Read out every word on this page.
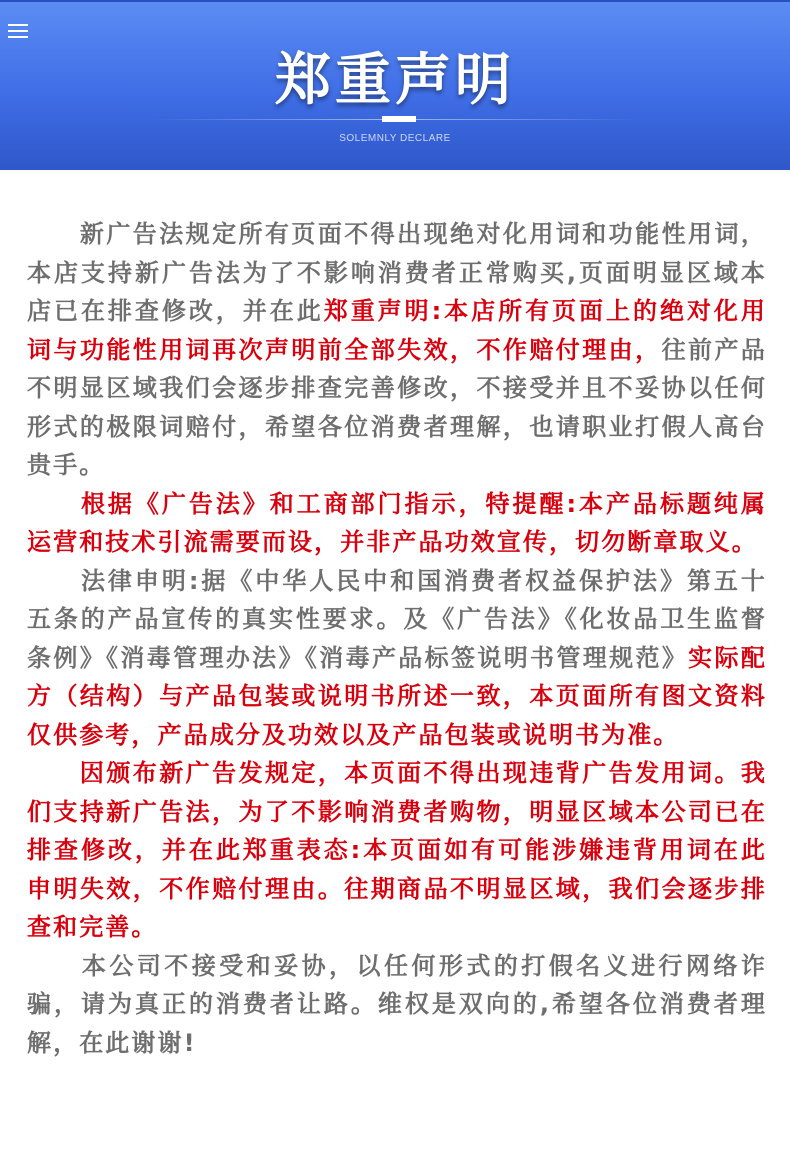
郑重声明
SOLEMNLY DECLARE

　　新广告法规定所有页面不得出现绝对化用词和功能性用词，本店支持新广告法为了不影响消费者正常购买,页面明显区域本店已在排查修改，并在此郑重声明:本店所有页面上的绝对化用词与功能性用词再次声明前全部失效，不作赔付理由，往前产品不明显区域我们会逐步排查完善修改，不接受并且不妥协以任何形式的极限词赔付，希望各位消费者理解，也请职业打假人高台贵手。

　　根据《广告法》和工商部门指示，特提醒:本产品标题纯属运营和技术引流需要而设，并非产品功效宣传，切勿断章取义。

　　法律申明:据《中华人民中和国消费者权益保护法》第五十五条的产品宣传的真实性要求。及《广告法》《化妆品卫生监督条例》《消毒管理办法》《消毒产品标签说明书管理规范》实际配方（结构）与产品包装或说明书所述一致，本页面所有图文资料仅供参考，产品成分及功效以及产品包装或说明书为准。

　　因颁布新广告发规定，本页面不得出现违背广告发用词。我们支持新广告法，为了不影响消费者购物，明显区域本公司已在排查修改，并在此郑重表态:本页面如有可能涉嫌违背用词在此申明失效，不作赔付理由。往期商品不明显区域，我们会逐步排查和完善。

　　本公司不接受和妥协，以任何形式的打假名义进行网络诈骗，请为真正的消费者让路。维权是双向的,希望各位消费者理解，在此谢谢!
